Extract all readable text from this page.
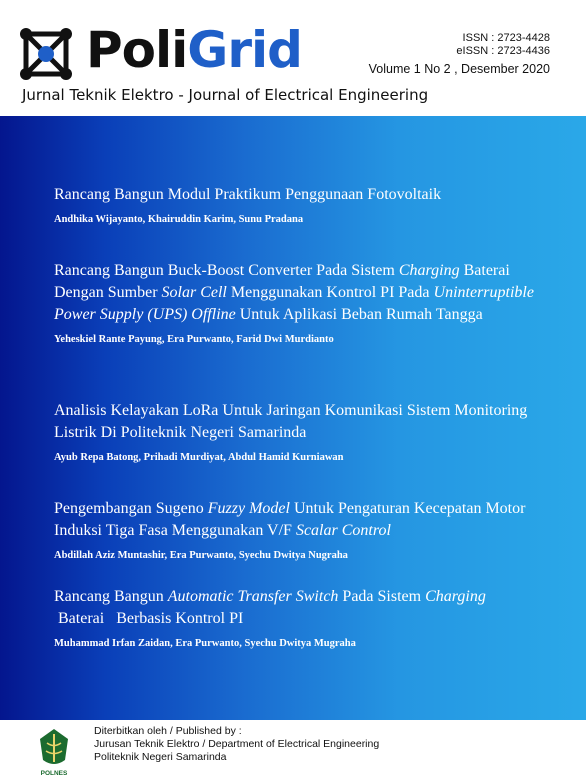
PoliGrid	ISSN : 2723-4428
eISSN : 2723-4436
Volume 1 No 2 , Desember 2020
Jurnal Teknik Elektro - Journal of Electrical Engineering

Rancang Bangun Modul Praktikum Penggunaan Fotovoltaik

Andhika Wijayanto, Khairuddin Karim, Sunu Pradana

Rancang Bangun Buck-Boost Converter Pada Sistem Charging Baterai Dengan Sumber Solar Cell Menggunakan Kontrol PI Pada Uninterruptible Power Supply (UPS) Offline Untuk Aplikasi Beban Rumah Tangga

Yeheskiel Rante Payung, Era Purwanto, Farid Dwi Murdianto

Analisis Kelayakan LoRa Untuk Jaringan Komunikasi Sistem Monitoring Listrik Di Politeknik Negeri Samarinda

Ayub Repa Batong, Prihadi Murdiyat, Abdul Hamid Kurniawan

Pengembangan Sugeno Fuzzy Model Untuk Pengaturan Kecepatan Motor Induksi Tiga Fasa Menggunakan V/F Scalar Control

Abdillah Aziz Muntashir, Era Purwanto, Syechu Dwitya Nugraha

Rancang Bangun Automatic Transfer Switch Pada Sistem Charging Baterai   Berbasis Kontrol PI

Muhammad Irfan Zaidan, Era Purwanto, Syechu Dwitya Mugraha

POLNES
Diterbitkan oleh / Published by :
Jurusan Teknik Elektro / Department of Electrical Engineering
Politeknik Negeri Samarinda
